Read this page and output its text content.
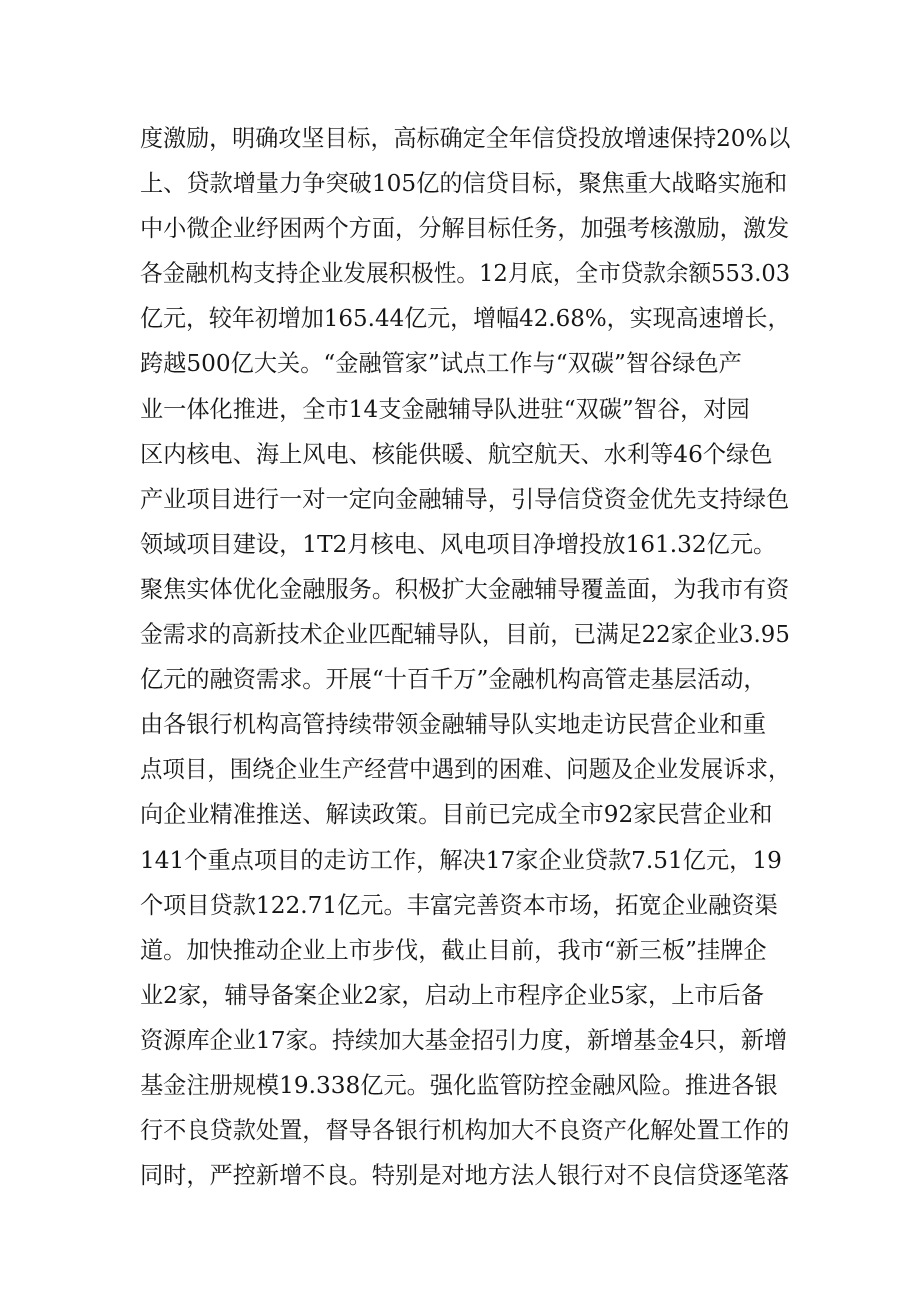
度激励，明确攻坚目标，高标确定全年信贷投放增速保持20%以
上、贷款增量力争突破105亿的信贷目标，聚焦重大战略实施和
中小微企业纾困两个方面，分解目标任务，加强考核激励，激发
各金融机构支持企业发展积极性。12月底，全市贷款余额553.03
亿元，较年初增加165.44亿元，增幅42.68%，实现高速增长，
跨越500亿大关。“金融管家”试点工作与“双碳”智谷绿色产
业一体化推进，全市14支金融辅导队进驻“双碳”智谷，对园
区内核电、海上风电、核能供暖、航空航天、水利等46个绿色
产业项目进行一对一定向金融辅导，引导信贷资金优先支持绿色
领域项目建设，1T2月核电、风电项目净增投放161.32亿元。
聚焦实体优化金融服务。积极扩大金融辅导覆盖面，为我市有资
金需求的高新技术企业匹配辅导队，目前，已满足22家企业3.95
亿元的融资需求。开展“十百千万”金融机构高管走基层活动，
由各银行机构高管持续带领金融辅导队实地走访民营企业和重
点项目，围绕企业生产经营中遇到的困难、问题及企业发展诉求，
向企业精准推送、解读政策。目前已完成全市92家民营企业和
141个重点项目的走访工作，解决17家企业贷款7.51亿元，19
个项目贷款122.71亿元。丰富完善资本市场，拓宽企业融资渠
道。加快推动企业上市步伐，截止目前，我市“新三板”挂牌企
业2家，辅导备案企业2家，启动上市程序企业5家，上市后备
资源库企业17家。持续加大基金招引力度，新增基金4只，新增
基金注册规模19.338亿元。强化监管防控金融风险。推进各银
行不良贷款处置，督导各银行机构加大不良资产化解处置工作的
同时，严控新增不良。特别是对地方法人银行对不良信贷逐笔落
